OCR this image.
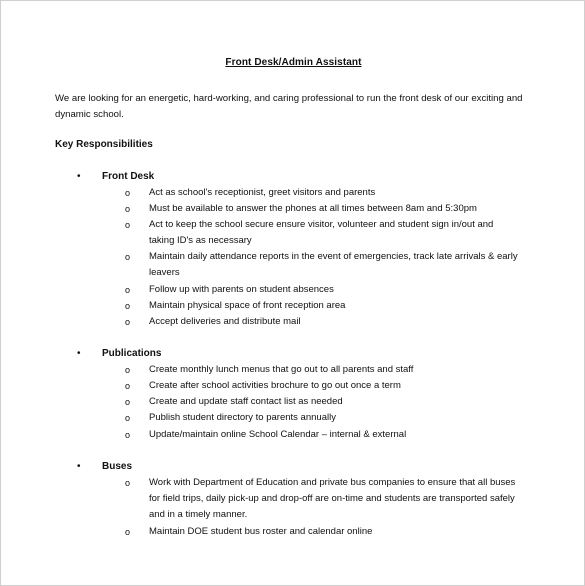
Front Desk/Admin Assistant
We are looking for an energetic, hard-working, and caring professional to run the front desk of our exciting and dynamic school.
Key Responsibilities
• Front Desk
o Act as school's receptionist, greet visitors and parents
o Must be available to answer the phones at all times between 8am and 5:30pm
o Act to keep the school secure ensure visitor, volunteer and student sign in/out and taking ID's as necessary
o Maintain daily attendance reports in the event of emergencies, track late arrivals & early leavers
o Follow up with parents on student absences
o Maintain physical space of front reception area
o Accept deliveries and distribute mail
• Publications
o Create monthly lunch menus that go out to all parents and staff
o Create after school activities brochure to go out once a term
o Create and update staff contact list as needed
o Publish student directory to parents annually
o Update/maintain online School Calendar – internal & external
• Buses
o Work with Department of Education and private bus companies to ensure that all buses for field trips, daily pick-up and drop-off are on-time and students are transported safely and in a timely manner.
o Maintain DOE student bus roster and calendar online
